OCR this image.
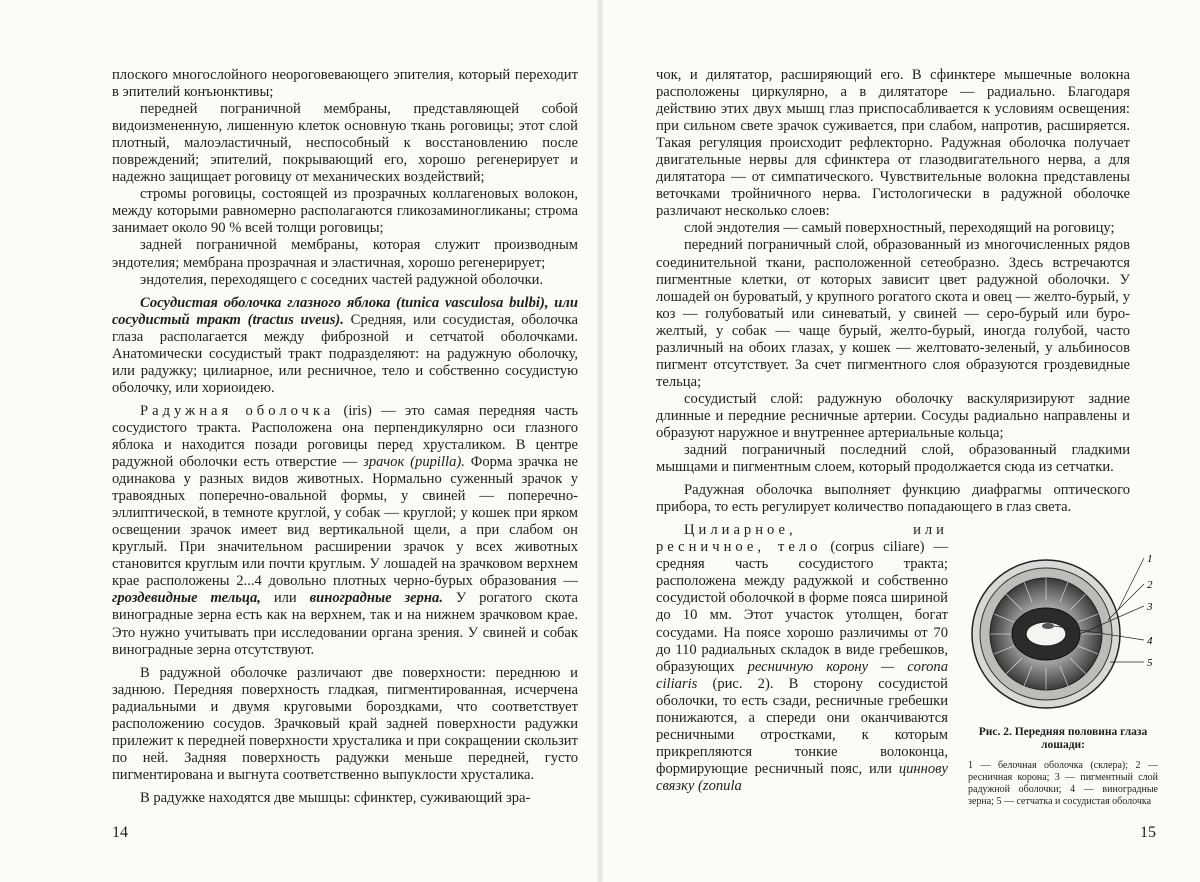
плоского многослойного неороговевающего эпителия, который переходит в эпителий конъюнктивы;

передней пограничной мембраны, представляющей собой видоизмененную, лишенную клеток основную ткань роговицы; этот слой плотный, малоэластичный, неспособный к восстановлению после повреждений; эпителий, покрывающий его, хорошо регенерирует и надежно защищает роговицу от механических воздействий;

стромы роговицы, состоящей из прозрачных коллагеновых волокон, между которыми равномерно располагаются гликозаминогликаны; строма занимает около 90 % всей толщи роговицы;

задней пограничной мембраны, которая служит производным эндотелия; мембрана прозрачная и эластичная, хорошо регенерирует;

эндотелия, переходящего с соседних частей радужной оболочки.

Сосудистая оболочка глазного яблока (tunica vasculosa bulbi), или сосудистый тракт (tractus uveus). Средняя, или сосудистая, оболочка глаза располагается между фиброзной и сетчатой оболочками. Анатомически сосудистый тракт подразделяют: на радужную оболочку, или радужку; цилиарное, или ресничное, тело и собственно сосудистую оболочку, или хориоидею.

Радужная оболочка (iris) — это самая передняя часть сосудистого тракта. Расположена она перпендикулярно оси глазного яблока и находится позади роговицы перед хрусталиком. В центре радужной оболочки есть отверстие — зрачок (pupilla). Форма зрачка не одинакова у разных видов животных. Нормально суженный зрачок у травоядных поперечно-овальной формы, у свиней — поперечно-эллиптической, в темноте круглой, у собак — круглой; у кошек при ярком освещении зрачок имеет вид вертикальной щели, а при слабом он круглый. При значительном расширении зрачок у всех животных становится круглым или почти круглым. У лошадей на зрачковом верхнем крае расположены 2...4 довольно плотных черно-бурых образования — гроздевидные тельца, или виноградные зерна. У рогатого скота виноградные зерна есть как на верхнем, так и на нижнем зрачковом крае. Это нужно учитывать при исследовании органа зрения. У свиней и собак виноградные зерна отсутствуют.

В радужной оболочке различают две поверхности: переднюю и заднюю. Передняя поверхность гладкая, пигментированная, исчерчена радиальными и двумя круговыми бороздками, что соответствует расположению сосудов. Зрачковый край задней поверхности радужки прилежит к передней поверхности хрусталика и при сокращении скользит по ней. Задняя поверхность радужки меньше передней, густо пигментирована и выгнута соответственно выпуклости хрусталика.

В радужке находятся две мышцы: сфинктер, суживающий зра-

14

чок, и дилятатор, расширяющий его. В сфинктере мышечные волокна расположены циркулярно, а в дилятаторе — радиально. Благодаря действию этих двух мышц глаз приспосабливается к условиям освещения: при сильном свете зрачок суживается, при слабом, напротив, расширяется. Такая регуляция происходит рефлекторно. Радужная оболочка получает двигательные нервы для сфинктера от глазодвигательного нерва, а для дилятатора — от симпатического. Чувствительные волокна представлены веточками тройничного нерва. Гистологически в радужной оболочке различают несколько слоев:

слой эндотелия — самый поверхностный, переходящий на роговицу;

передний пограничный слой, образованный из многочисленных рядов соединительной ткани, расположенной сетеобразно. Здесь встречаются пигментные клетки, от которых зависит цвет радужной оболочки. У лошадей он буроватый, у крупного рогатого скота и овец — желто-бурый, у коз — голубоватый или синеватый, у свиней — серо-бурый или буро-желтый, у собак — чаще бурый, желто-бурый, иногда голубой, часто различный на обоих глазах, у кошек — желтовато-зеленый, у альбиносов пигмент отсутствует. За счет пигментного слоя образуются гроздевидные тельца;

сосудистый слой: радужную оболочку васкуляризируют задние длинные и передние ресничные артерии. Сосуды радиально направлены и образуют наружное и внутреннее артериальные кольца;

задний пограничный последний слой, образованный гладкими мышцами и пигментным слоем, который продолжается сюда из сетчатки.

Радужная оболочка выполняет функцию диафрагмы оптического прибора, то есть регулирует количество попадающего в глаз света.

Цилиарное, или ресничное, тело (corpus ciliare) — средняя часть сосудистого тракта; расположена между радужкой и собственно сосудистой оболочкой в форме пояса шириной до 10 мм. Этот участок утолщен, богат сосудами. На поясе хорошо различимы от 70 до 110 радиальных складок в виде гребешков, образующих ресничную корону — corona ciliaris (рис. 2). В сторону сосудистой оболочки, то есть сзади, ресничные гребешки понижаются, а спереди они оканчиваются ресничными отростками, к которым прикрепляются тонкие волоконца, формирующие ресничный пояс, или циннову связку (zonula

1
2
3
4
5
Рис. 2. Передняя половина глаза лошади:
1 — белочная оболочка (склера); 2 — ресничная корона; 3 — пигментный слой радужной оболочки; 4 — виноградные зерна; 5 — сетчатка и сосудистая оболочка
15
